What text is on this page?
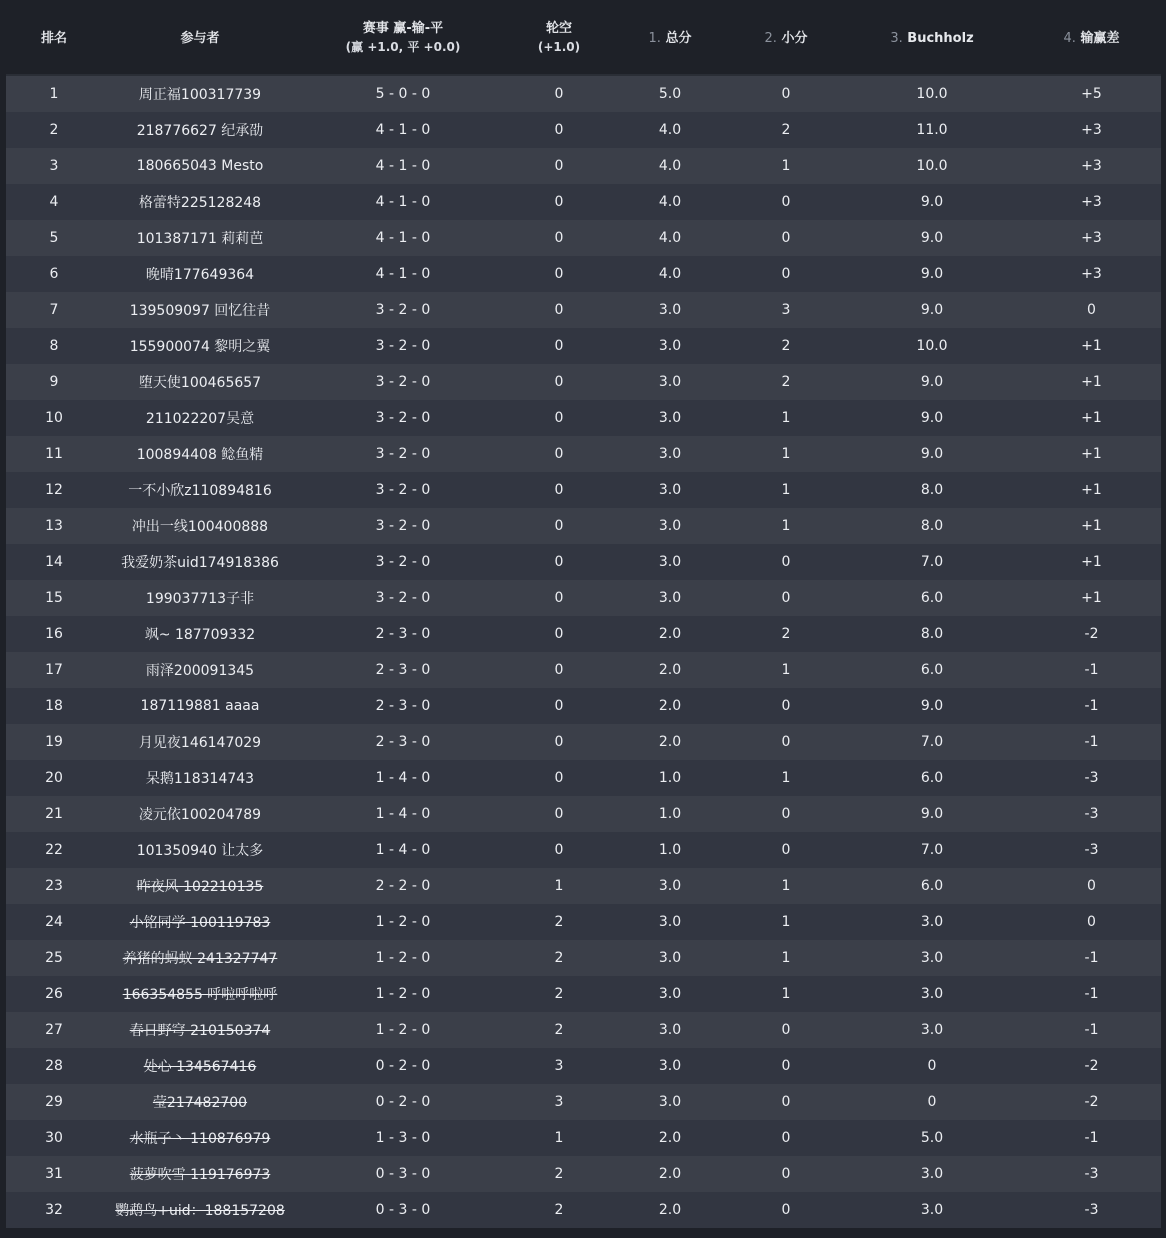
排名	参与者	赛事 赢-输-平
(赢 +1.0, 平 +0.0)	轮空
(+1.0)	1. 总分	2. 小分	3. Buchholz	4. 输赢差
1	周正福100317739	5 - 0 - 0	0	5.0	0	10.0	+5
2	218776627 纪承劭	4 - 1 - 0	0	4.0	2	11.0	+3
3	180665043 Mesto	4 - 1 - 0	0	4.0	1	10.0	+3
4	格蕾特225128248	4 - 1 - 0	0	4.0	0	9.0	+3
5	101387171 莉莉芭	4 - 1 - 0	0	4.0	0	9.0	+3
6	晚晴177649364	4 - 1 - 0	0	4.0	0	9.0	+3
7	139509097 回忆往昔	3 - 2 - 0	0	3.0	3	9.0	0
8	155900074 黎明之翼	3 - 2 - 0	0	3.0	2	10.0	+1
9	堕天使100465657	3 - 2 - 0	0	3.0	2	9.0	+1
10	211022207吴意	3 - 2 - 0	0	3.0	1	9.0	+1
11	100894408 鲶鱼精	3 - 2 - 0	0	3.0	1	9.0	+1
12	一不小欣z110894816	3 - 2 - 0	0	3.0	1	8.0	+1
13	冲出一线100400888	3 - 2 - 0	0	3.0	1	8.0	+1
14	我爱奶茶uid174918386	3 - 2 - 0	0	3.0	0	7.0	+1
15	199037713子非	3 - 2 - 0	0	3.0	0	6.0	+1
16	飒~ 187709332	2 - 3 - 0	0	2.0	2	8.0	-2
17	雨泽200091345	2 - 3 - 0	0	2.0	1	6.0	-1
18	187119881 aaaa	2 - 3 - 0	0	2.0	0	9.0	-1
19	月见夜146147029	2 - 3 - 0	0	2.0	0	7.0	-1
20	呆鹅118314743	1 - 4 - 0	0	1.0	1	6.0	-3
21	凌元依100204789	1 - 4 - 0	0	1.0	0	9.0	-3
22	101350940 让太多	1 - 4 - 0	0	1.0	0	7.0	-3
23	昨夜风 102210135	2 - 2 - 0	1	3.0	1	6.0	0
24	小铭同学 100119783	1 - 2 - 0	2	3.0	1	3.0	0
25	养猪的蚂蚁 241327747	1 - 2 - 0	2	3.0	1	3.0	-1
26	166354855 呼啦呼啦呼	1 - 2 - 0	2	3.0	1	3.0	-1
27	春日野穹 210150374	1 - 2 - 0	2	3.0	0	3.0	-1
28	处心 134567416	0 - 2 - 0	3	3.0	0	0	-2
29	莹217482700	0 - 2 - 0	3	3.0	0	0	-2
30	水瓶子丶 110876979	1 - 3 - 0	1	2.0	0	5.0	-1
31	菠萝吹雪 119176973	0 - 3 - 0	2	2.0	0	3.0	-3
32	鹦鹉鸟+uid：188157208	0 - 3 - 0	2	2.0	0	3.0	-3
